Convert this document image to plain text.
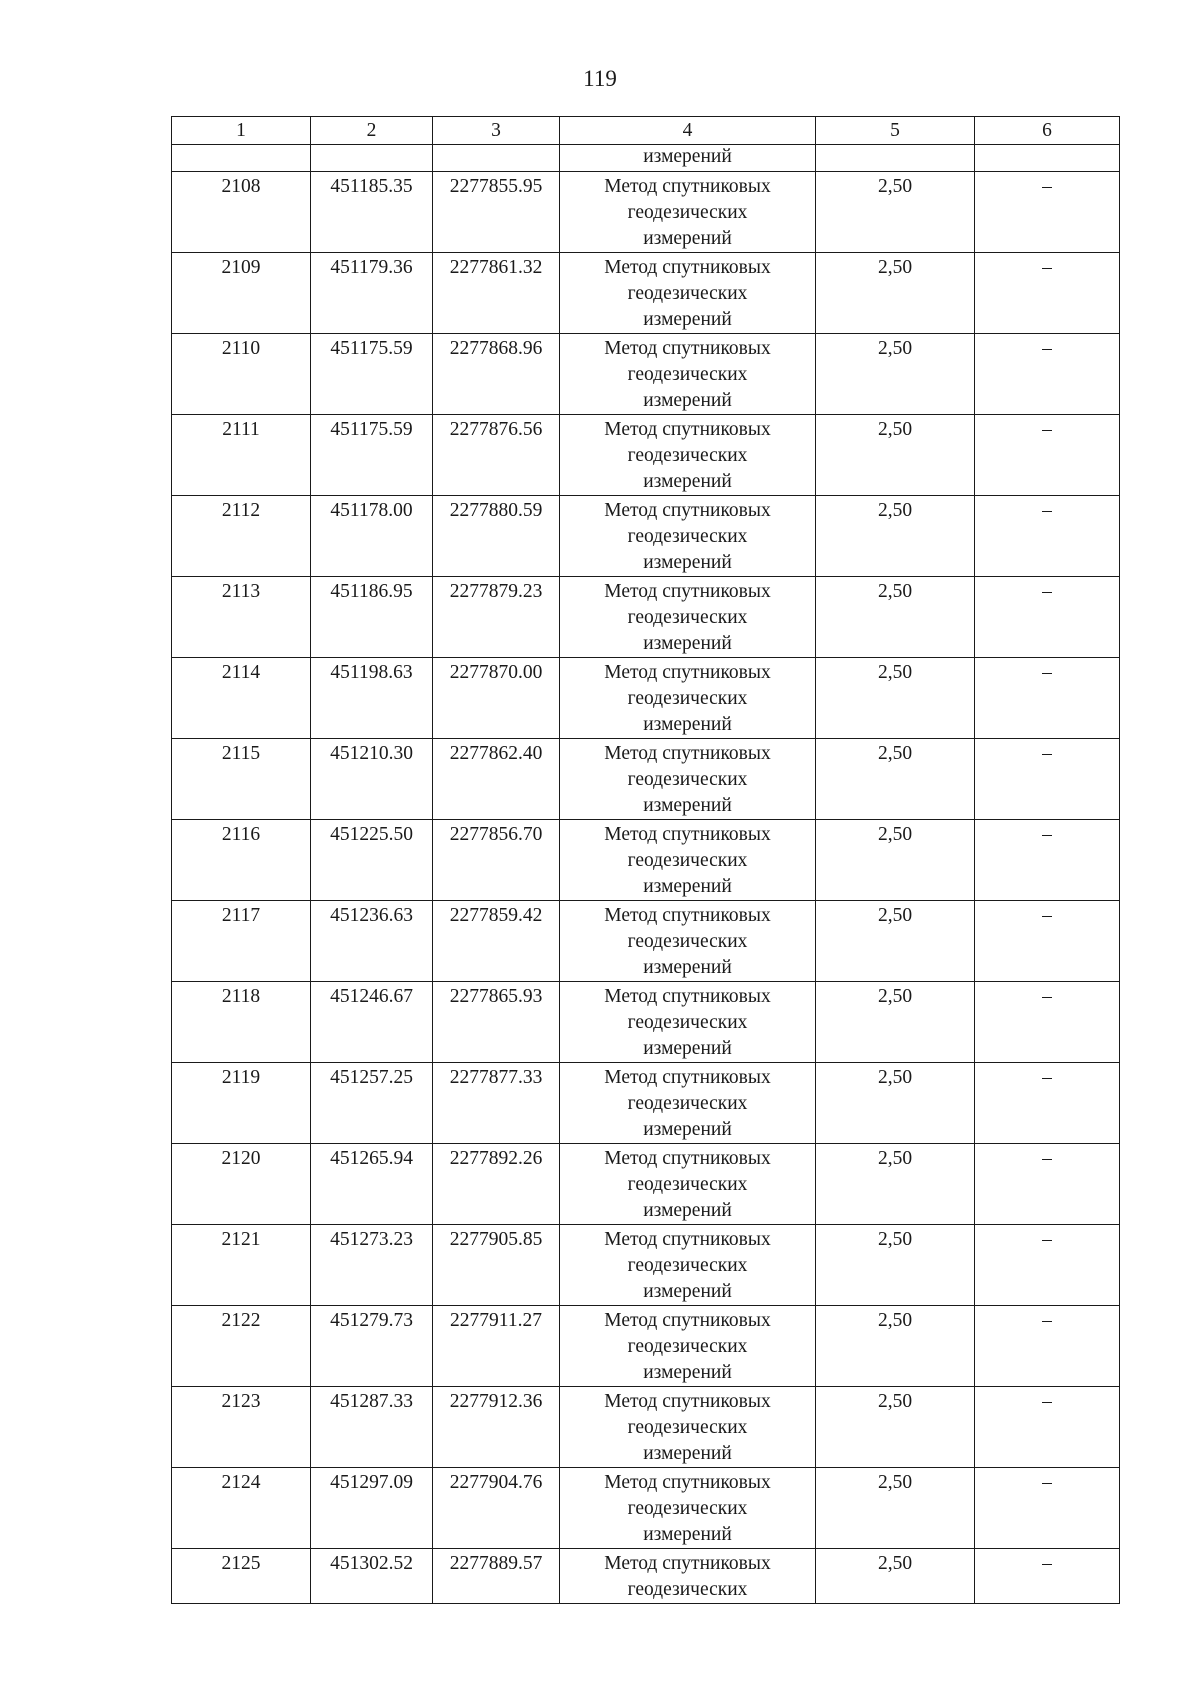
119
1	2	3	4	5	6
			измерений		
2108	451185.35	2277855.95	Метод спутниковых
геодезических
измерений	2,50	–
2109	451179.36	2277861.32	Метод спутниковых
геодезических
измерений	2,50	–
2110	451175.59	2277868.96	Метод спутниковых
геодезических
измерений	2,50	–
2111	451175.59	2277876.56	Метод спутниковых
геодезических
измерений	2,50	–
2112	451178.00	2277880.59	Метод спутниковых
геодезических
измерений	2,50	–
2113	451186.95	2277879.23	Метод спутниковых
геодезических
измерений	2,50	–
2114	451198.63	2277870.00	Метод спутниковых
геодезических
измерений	2,50	–
2115	451210.30	2277862.40	Метод спутниковых
геодезических
измерений	2,50	–
2116	451225.50	2277856.70	Метод спутниковых
геодезических
измерений	2,50	–
2117	451236.63	2277859.42	Метод спутниковых
геодезических
измерений	2,50	–
2118	451246.67	2277865.93	Метод спутниковых
геодезических
измерений	2,50	–
2119	451257.25	2277877.33	Метод спутниковых
геодезических
измерений	2,50	–
2120	451265.94	2277892.26	Метод спутниковых
геодезических
измерений	2,50	–
2121	451273.23	2277905.85	Метод спутниковых
геодезических
измерений	2,50	–
2122	451279.73	2277911.27	Метод спутниковых
геодезических
измерений	2,50	–
2123	451287.33	2277912.36	Метод спутниковых
геодезических
измерений	2,50	–
2124	451297.09	2277904.76	Метод спутниковых
геодезических
измерений	2,50	–
2125	451302.52	2277889.57	Метод спутниковых
геодезических	2,50	–
